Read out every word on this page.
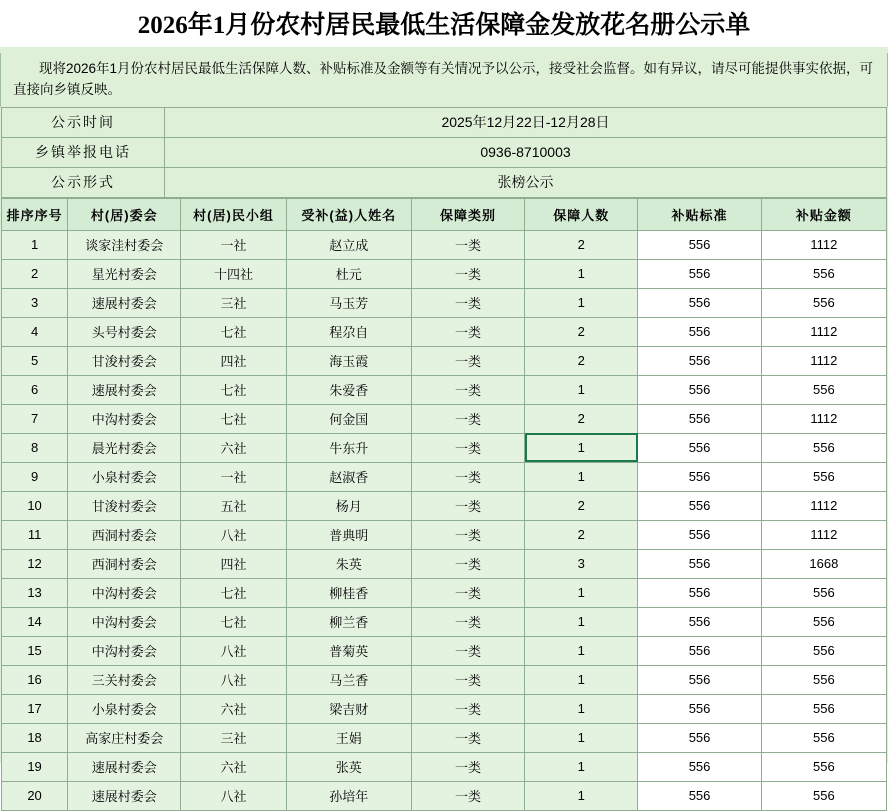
2026年1月份农村居民最低生活保障金发放花名册公示单
现将2026年1月份农村居民最低生活保障人数、补贴标准及金额等有关情况予以公示，接受社会监督。如有异议，请尽可能提供事实依据，可直接向乡镇反映。
公示时间	2025年12月22日-12月28日
乡镇举报电话	0936-8710003
公示形式	张榜公示
排序序号	村(居)委会	村(居)民小组	受补(益)人姓名	保障类别	保障人数	补贴标准	补贴金额
1	谈家洼村委会	一社	赵立成	一类	2	556	1112
2	星光村委会	十四社	杜元	一类	1	556	556
3	速展村委会	三社	马玉芳	一类	1	556	556
4	头号村委会	七社	程尕自	一类	2	556	1112
5	甘浚村委会	四社	海玉霞	一类	2	556	1112
6	速展村委会	七社	朱爱香	一类	1	556	556
7	中沟村委会	七社	何金国	一类	2	556	1112
8	晨光村委会	六社	牛东升	一类	1	556	556
9	小泉村委会	一社	赵淑香	一类	1	556	556
10	甘浚村委会	五社	杨月	一类	2	556	1112
11	西洞村委会	八社	普典明	一类	2	556	1112
12	西洞村委会	四社	朱英	一类	3	556	1668
13	中沟村委会	七社	柳桂香	一类	1	556	556
14	中沟村委会	七社	柳兰香	一类	1	556	556
15	中沟村委会	八社	普菊英	一类	1	556	556
16	三关村委会	八社	马兰香	一类	1	556	556
17	小泉村委会	六社	梁吉财	一类	1	556	556
18	高家庄村委会	三社	王娟	一类	1	556	556
19	速展村委会	六社	张英	一类	1	556	556
20	速展村委会	八社	孙培年	一类	1	556	556
